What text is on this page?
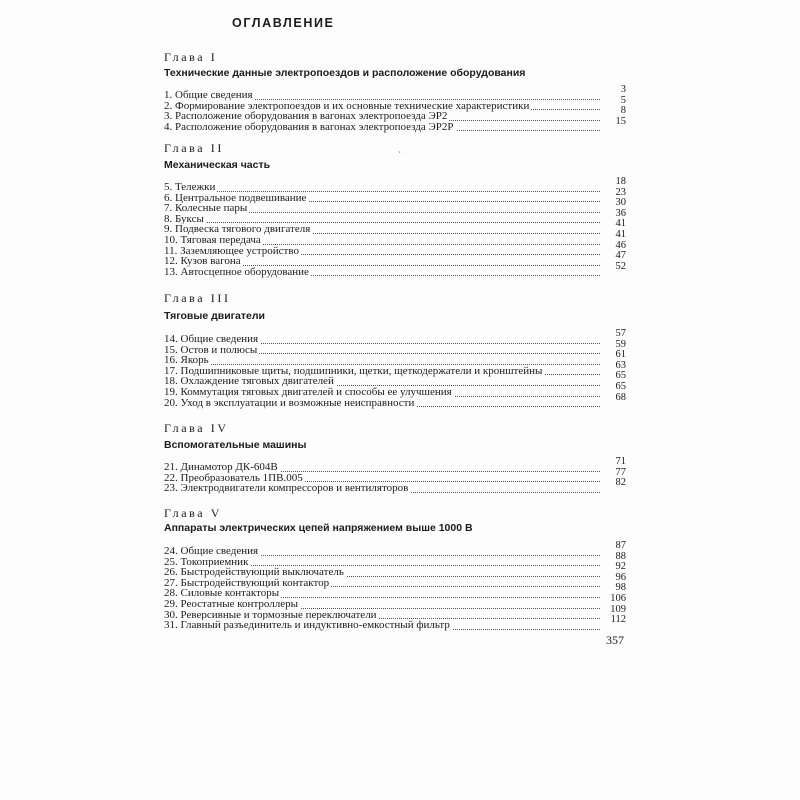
ОГЛАВЛЕНИЕ
Глава I
Технические данные электропоездов и расположение оборудования
1. Общие сведения	3
2. Формирование электропоездов и их основные технические характеристики	5
3. Расположение оборудования в вагонах электропоезда ЭР2	8
4. Расположение оборудования в вагонах электропоезда ЭР2Р	15
Глава II
Механическая часть
5. Тележки	18
6. Центральное подвешивание	23
7. Колесные пары	30
8. Буксы	36
9. Подвеска тягового двигателя	41
10. Тяговая передача	41
11. Заземляющее устройство	46
12. Кузов вагона	47
13. Автосцепное оборудование	52
Глава III
Тяговые двигатели
14. Общие сведения	57
15. Остов и полюсы	59
16. Якорь	61
17. Подшипниковые щиты, подшипники, щетки, щеткодержатели и кронштейны	63
18. Охлаждение тяговых двигателей	65
19. Коммутация тяговых двигателей и способы ее улучшения	65
20. Уход в эксплуатации и возможные неисправности	68
Глава IV
Вспомогательные машины
21. Динамотор ДК-604В	71
22. Преобразователь 1ПВ.005	77
23. Электродвигатели компрессоров и вентиляторов	82
Глава V
Аппараты электрических цепей напряжением выше 1000 В
24. Общие сведения	87
25. Токоприемник	88
26. Быстродействующий выключатель	92
27. Быстродействующий контактор	96
28. Силовые контакторы	98
29. Реостатные контроллеры	106
30. Реверсивные и тормозные переключатели	109
31. Главный разъединитель и индуктивно-емкостный фильтр	112
357
ˎ
